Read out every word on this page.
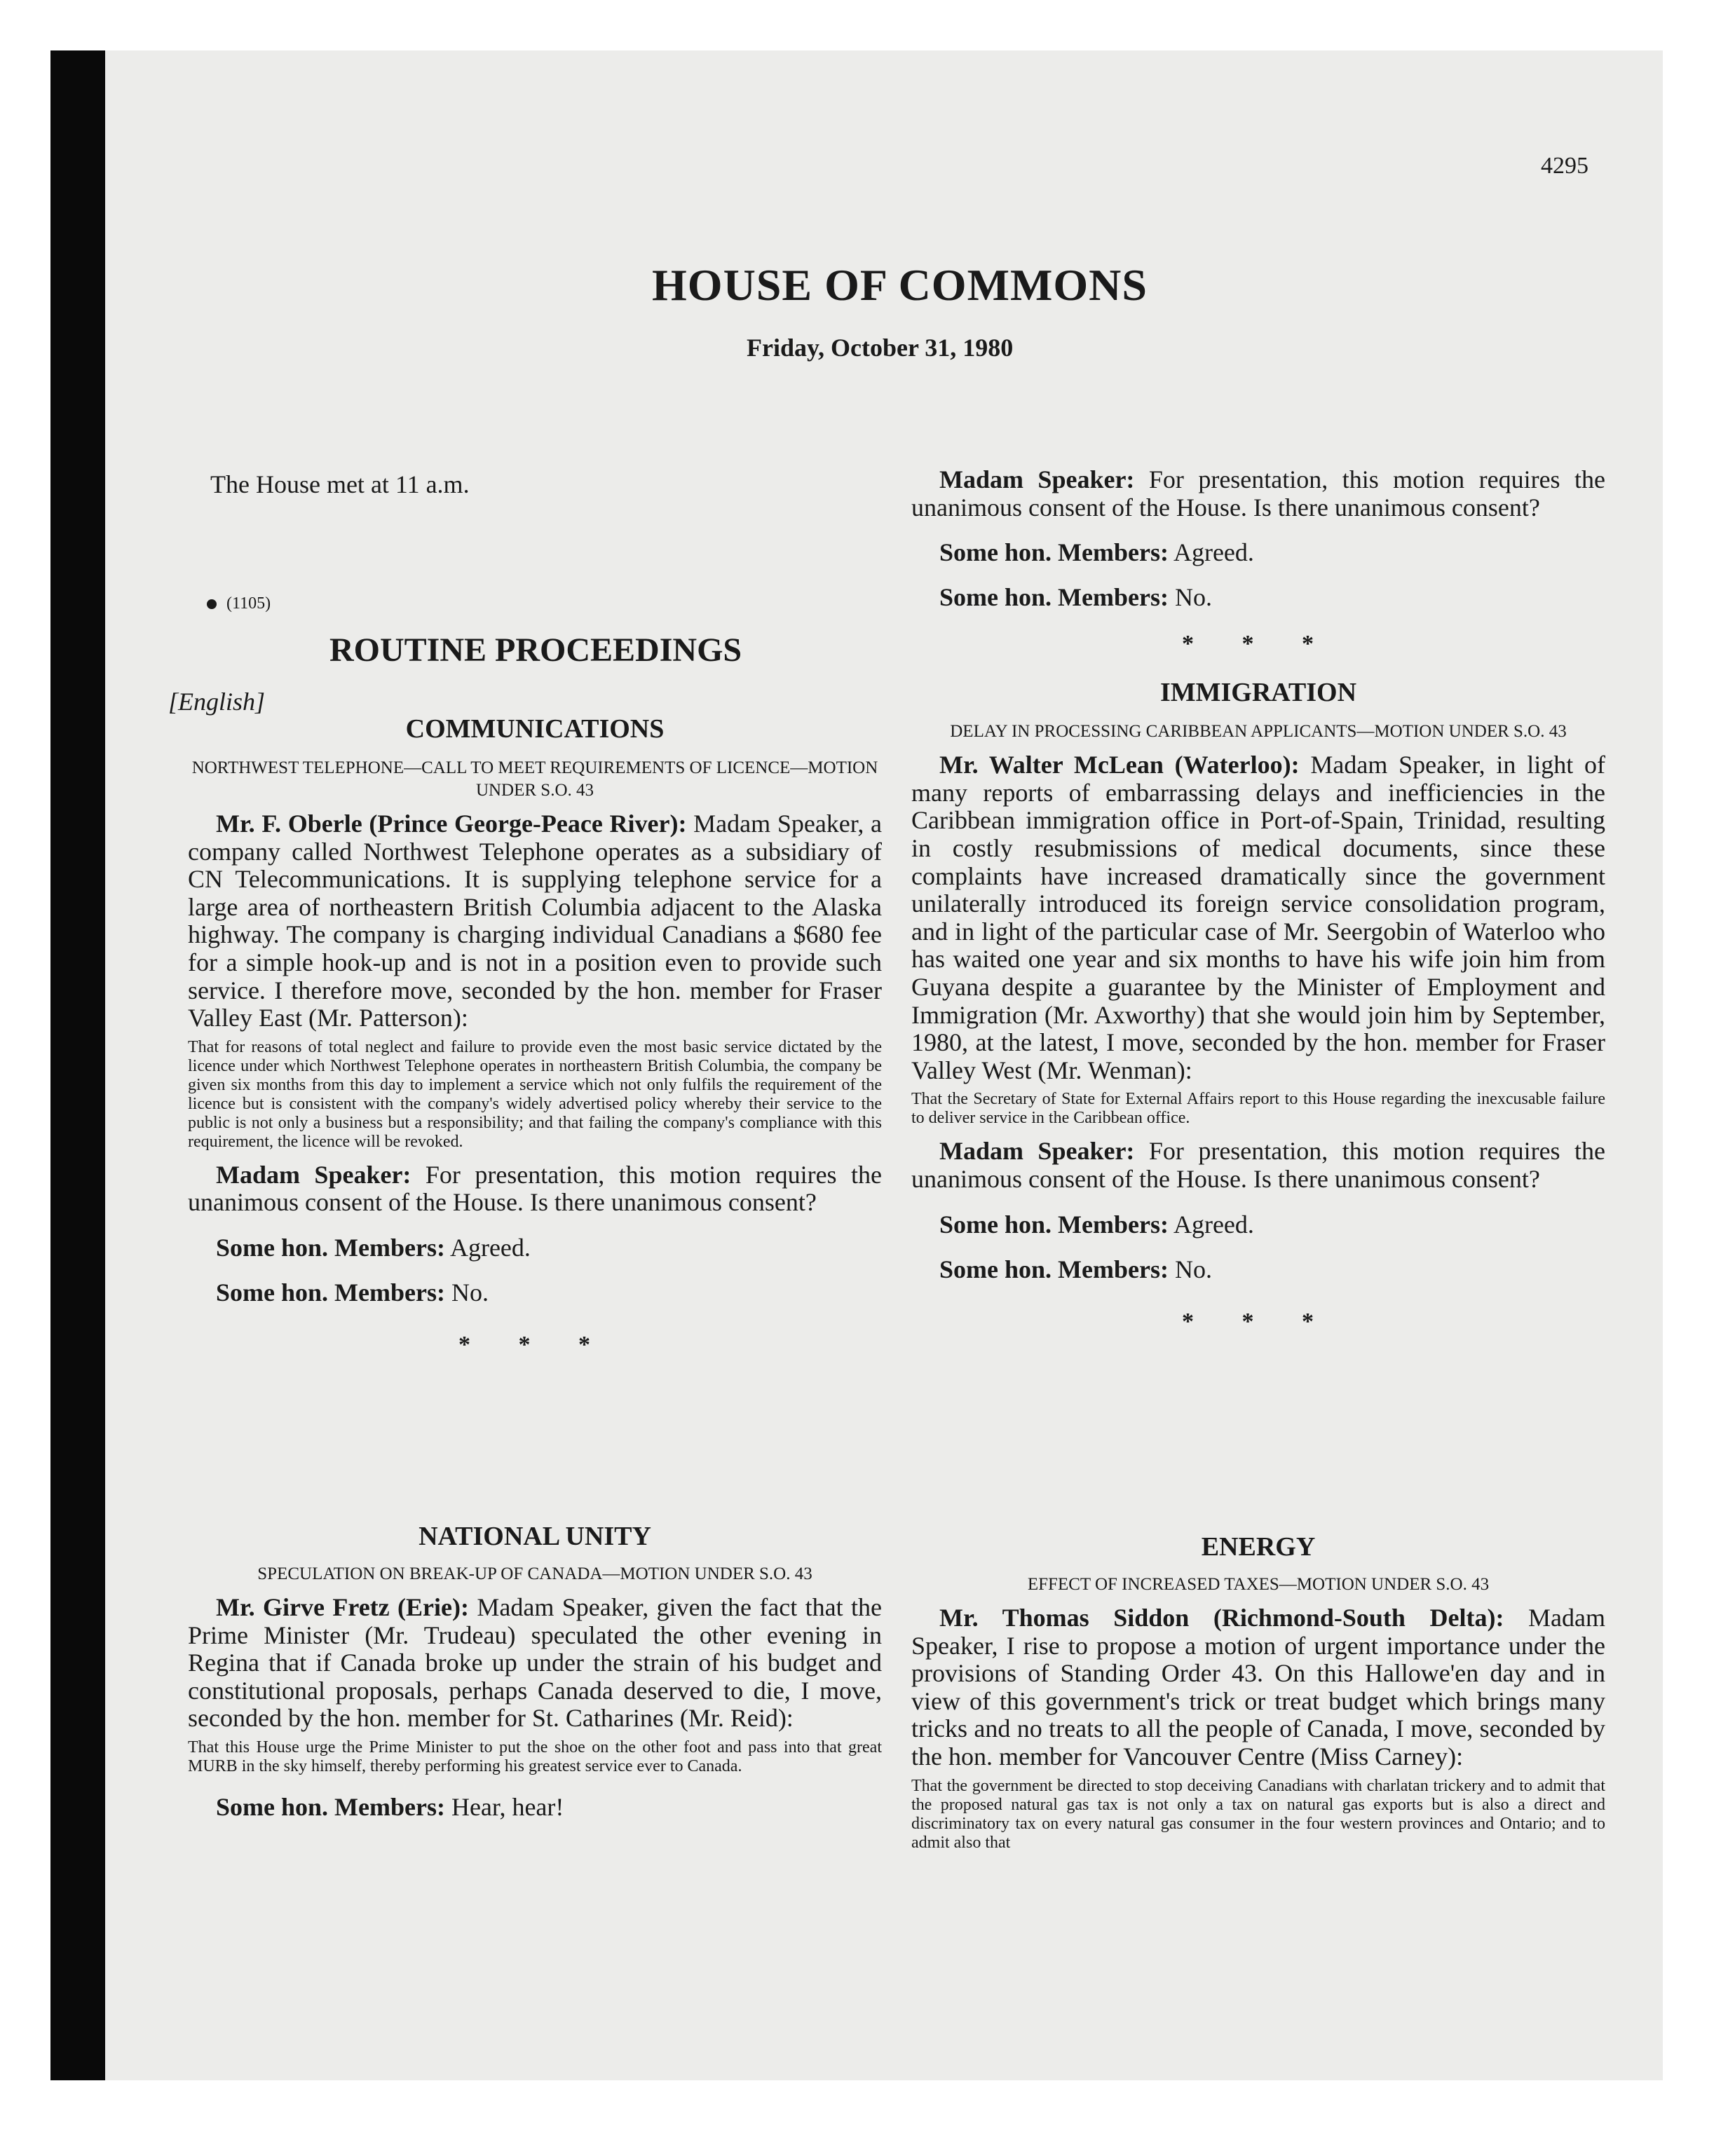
4295
HOUSE OF COMMONS
Friday, October 31, 1980
The House met at 11 a.m.
(1105)
ROUTINE PROCEEDINGS
[English]

COMMUNICATIONS

NORTHWEST TELEPHONE—CALL TO MEET REQUIREMENTS OF LICENCE—MOTION UNDER S.O. 43

Mr. F. Oberle (Prince George-Peace River): Madam Speaker, a company called Northwest Telephone operates as a subsidiary of CN Telecommunications. It is supplying telephone service for a large area of northeastern British Columbia adjacent to the Alaska highway. The company is charging individual Canadians a $680 fee for a simple hook-up and is not in a position even to provide such service. I therefore move, seconded by the hon. member for Fraser Valley East (Mr. Patterson):

That for reasons of total neglect and failure to provide even the most basic service dictated by the licence under which Northwest Telephone operates in northeastern British Columbia, the company be given six months from this day to implement a service which not only fulfils the requirement of the licence but is consistent with the company's widely advertised policy whereby their service to the public is not only a business but a responsibility; and that failing the company's compliance with this requirement, the licence will be revoked.

Madam Speaker: For presentation, this motion requires the unanimous consent of the House. Is there unanimous consent?

Some hon. Members: Agreed.

Some hon. Members: No.

* * *

NATIONAL UNITY

SPECULATION ON BREAK-UP OF CANADA—MOTION UNDER S.O. 43

Mr. Girve Fretz (Erie): Madam Speaker, given the fact that the Prime Minister (Mr. Trudeau) speculated the other evening in Regina that if Canada broke up under the strain of his budget and constitutional proposals, perhaps Canada deserved to die, I move, seconded by the hon. member for St. Catharines (Mr. Reid):

That this House urge the Prime Minister to put the shoe on the other foot and pass into that great MURB in the sky himself, thereby performing his greatest service ever to Canada.

Some hon. Members: Hear, hear!

Madam Speaker: For presentation, this motion requires the unanimous consent of the House. Is there unanimous consent?

Some hon. Members: Agreed.

Some hon. Members: No.

* * *

IMMIGRATION

DELAY IN PROCESSING CARIBBEAN APPLICANTS—MOTION UNDER S.O. 43

Mr. Walter McLean (Waterloo): Madam Speaker, in light of many reports of embarrassing delays and inefficiencies in the Caribbean immigration office in Port-of-Spain, Trinidad, resulting in costly resubmissions of medical documents, since these complaints have increased dramatically since the government unilaterally introduced its foreign service consolidation program, and in light of the particular case of Mr. Seergobin of Waterloo who has waited one year and six months to have his wife join him from Guyana despite a guarantee by the Minister of Employment and Immigration (Mr. Axworthy) that she would join him by September, 1980, at the latest, I move, seconded by the hon. member for Fraser Valley West (Mr. Wenman):

That the Secretary of State for External Affairs report to this House regarding the inexcusable failure to deliver service in the Caribbean office.

Madam Speaker: For presentation, this motion requires the unanimous consent of the House. Is there unanimous consent?

Some hon. Members: Agreed.

Some hon. Members: No.

* * *

ENERGY

EFFECT OF INCREASED TAXES—MOTION UNDER S.O. 43

Mr. Thomas Siddon (Richmond-South Delta): Madam Speaker, I rise to propose a motion of urgent importance under the provisions of Standing Order 43. On this Hallowe'en day and in view of this government's trick or treat budget which brings many tricks and no treats to all the people of Canada, I move, seconded by the hon. member for Vancouver Centre (Miss Carney):

That the government be directed to stop deceiving Canadians with charlatan trickery and to admit that the proposed natural gas tax is not only a tax on natural gas exports but is also a direct and discriminatory tax on every natural gas consumer in the four western provinces and Ontario; and to admit also that
